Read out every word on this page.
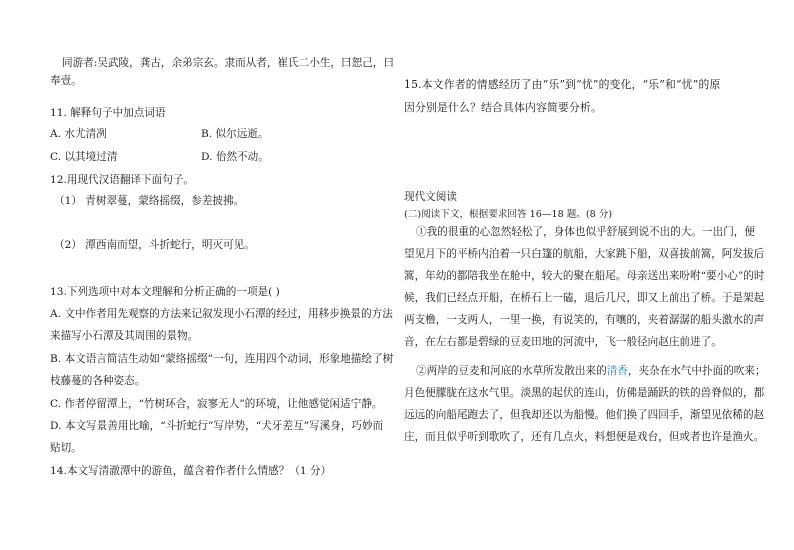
同游者:吴武陵，龚古，余弟宗玄。隶而从者，崔氏二小生，曰恕己，曰
奉壹。
11. 解释句子中加点词语
A. 水尤清冽	B. 似尔远逝。
C. 以其境过清	D. 佁然不动。
12.用现代汉语翻译下面句子。
（1） 青树翠蔓，蒙络摇缀，参差披拂。
（2） 潭西南而望，斗折蛇行，明灭可见。
13.下列选项中对本文理解和分析正确的一项是( )
A. 文中作者用先观察的方法来记叙发现小石潭的经过，用移步换景的方法
来描写小石潭及其周围的景物。
B. 本文语言简洁生动如“蒙络摇缀”一句，连用四个动词，形象地描绘了树
枝藤蔓的各种姿态。
C. 作者停留潭上，“竹树环合，寂寥无人”的环境，让他感觉闲适宁静。
D. 本文写景善用比喻，“斗折蛇行”写岸势，“犬牙差互”写溪身，巧妙而
贴切。
14.本文写清澈潭中的游鱼，蕴含着作者什么情感？（1 分）
15.本文作者的情感经历了由“乐”到“忧”的变化，“乐”和“忧”的原
因分别是什么？结合具体内容简要分析。
现代文阅读
(二)阅读下文，根据要求回答 16—18 题。(8 分)
①我的很重的心忽然轻松了，身体也似乎舒展到说不出的大。一出门，便
望见月下的平桥内泊着一只白篷的航船，大家跳下船，双喜拔前篙，阿发拔后
篙，年幼的都陪我坐在舱中，较大的聚在船尾。母亲送出来吩咐“要小心”的时
候，我们已经点开船，在桥石上一磕，退后几尺，即又上前出了桥。于是架起
两支橹，一支两人，一里一换，有说笑的，有嚷的，夹着潺潺的船头激水的声
音，在左右都是碧绿的豆麦田地的河流中，飞一般径向赵庄前进了。
②两岸的豆麦和河底的水草所发散出来的清香，夹杂在水气中扑面的吹来；
月色便朦胧在这水气里。淡黑的起伏的连山，仿佛是踊跃的铁的兽脊似的，都
远远的向船尾跑去了，但我却还以为船慢。他们换了四回手，渐望见依稀的赵
庄，而且似乎听到歌吹了，还有几点火，料想便是戏台，但或者也许是渔火。
